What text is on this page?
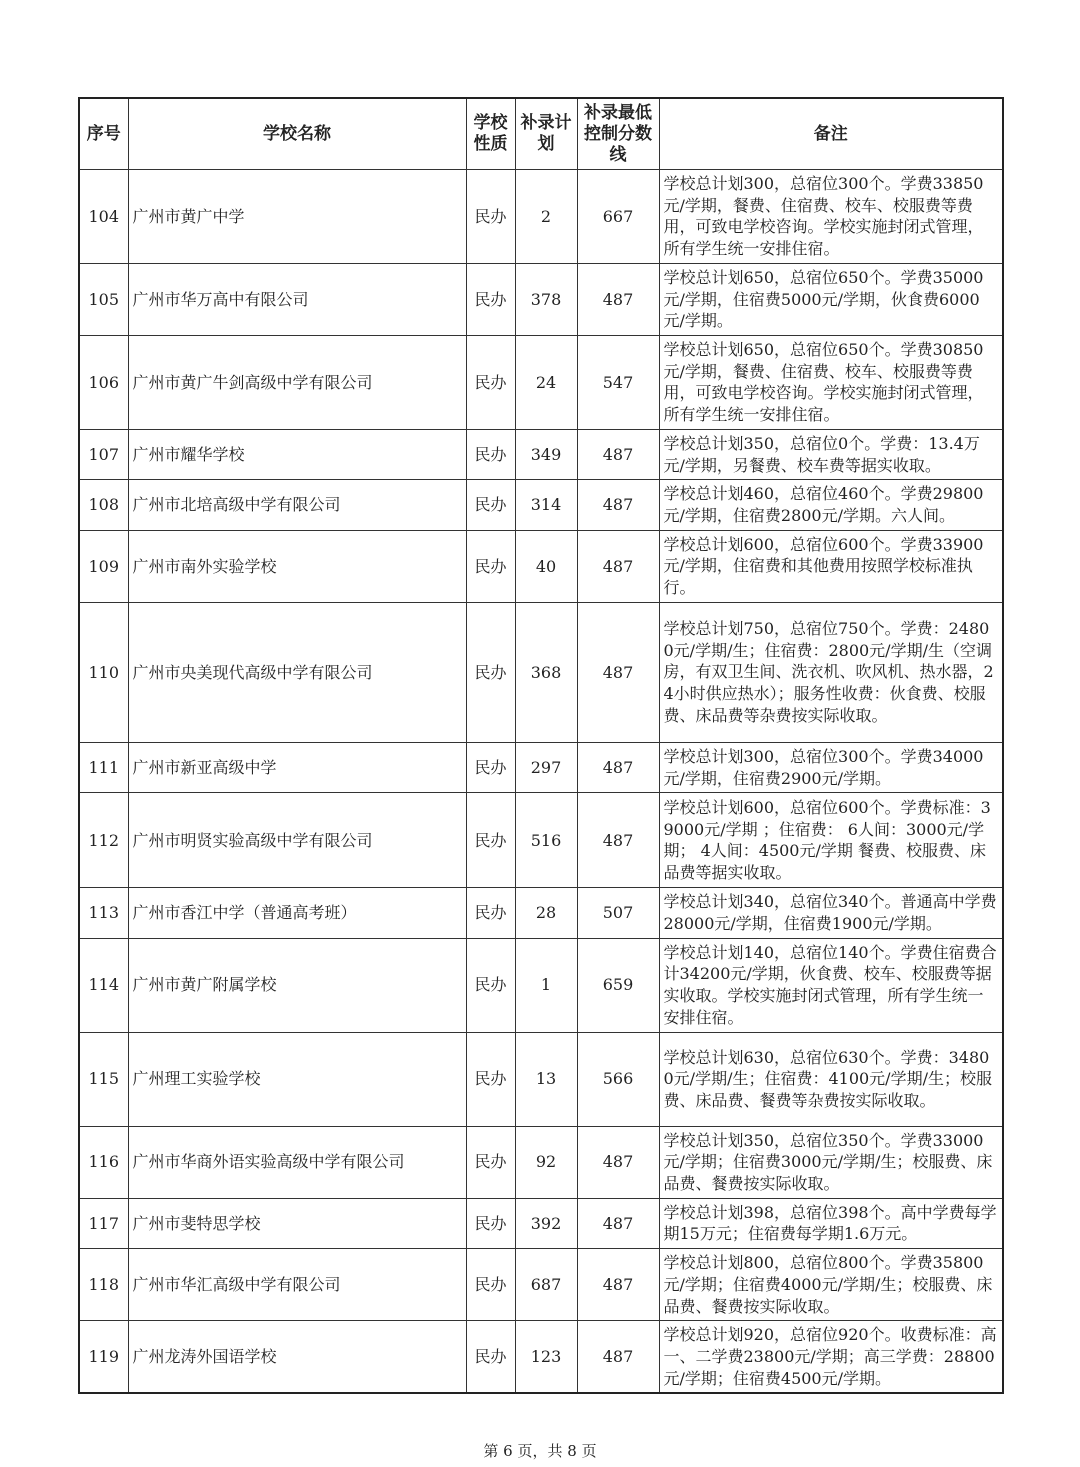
序号	学校名称	学校性质	补录计划	补录最低控制分数线	备注
104	广州市黄广中学	民办	2	667	学校总计划300，总宿位300个。学费33850元/学期，餐费、住宿费、校车、校服费等费用，可致电学校咨询。学校实施封闭式管理，所有学生统一安排住宿。
105	广州市华万高中有限公司	民办	378	487	学校总计划650，总宿位650个。学费35000元/学期，住宿费5000元/学期，伙食费6000元/学期。
106	广州市黄广牛剑高级中学有限公司	民办	24	547	学校总计划650，总宿位650个。学费30850元/学期，餐费、住宿费、校车、校服费等费用，可致电学校咨询。学校实施封闭式管理，所有学生统一安排住宿。
107	广州市耀华学校	民办	349	487	学校总计划350，总宿位0个。学费：13.4万元/学期，另餐费、校车费等据实收取。
108	广州市北培高级中学有限公司	民办	314	487	学校总计划460，总宿位460个。学费29800元/学期，住宿费2800元/学期。六人间。
109	广州市南外实验学校	民办	40	487	学校总计划600，总宿位600个。学费33900元/学期，住宿费和其他费用按照学校标准执行。
110	广州市央美现代高级中学有限公司	民办	368	487	学校总计划750，总宿位750个。学费：24800元/学期/生；住宿费：2800元/学期/生（空调房，有双卫生间、洗衣机、吹风机、热水器，24小时供应热水）；服务性收费：伙食费、校服费、床品费等杂费按实际收取。
111	广州市新亚高级中学	民办	297	487	学校总计划300，总宿位300个。学费34000元/学期，住宿费2900元/学期。
112	广州市明贤实验高级中学有限公司	民办	516	487	学校总计划600，总宿位600个。学费标准：39000元/学期 ；住宿费： 6人间：3000元/学期； 4人间：4500元/学期 餐费、校服费、床品费等据实收取。
113	广州市香江中学（普通高考班）	民办	28	507	学校总计划340，总宿位340个。普通高中学费28000元/学期，住宿费1900元/学期。
114	广州市黄广附属学校	民办	1	659	学校总计划140，总宿位140个。学费住宿费合计34200元/学期，伙食费、校车、校服费等据实收取。学校实施封闭式管理，所有学生统一安排住宿。
115	广州理工实验学校	民办	13	566	学校总计划630，总宿位630个。学费：34800元/学期/生；住宿费：4100元/学期/生；校服费、床品费、餐费等杂费按实际收取。
116	广州市华商外语实验高级中学有限公司	民办	92	487	学校总计划350，总宿位350个。学费33000元/学期；住宿费3000元/学期/生；校服费、床品费、餐费按实际收取。
117	广州市斐特思学校	民办	392	487	学校总计划398，总宿位398个。高中学费每学期15万元；住宿费每学期1.6万元。
118	广州市华汇高级中学有限公司	民办	687	487	学校总计划800，总宿位800个。学费35800元/学期；住宿费4000元/学期/生；校服费、床品费、餐费按实际收取。
119	广州龙涛外国语学校	民办	123	487	学校总计划920，总宿位920个。收费标准：高一、二学费23800元/学期；高三学费：28800元/学期；住宿费4500元/学期。
第 6 页，共 8 页
